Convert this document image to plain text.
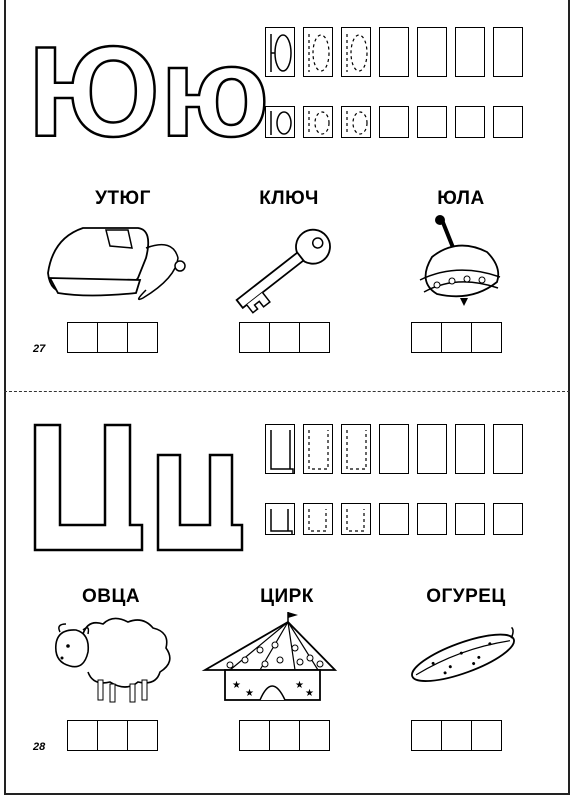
Юю
УТЮГ	КЛЮЧ	ЮЛА
27
ОВЦА	ЦИРК	ОГУРЕЦ
★
★
★
★
28
